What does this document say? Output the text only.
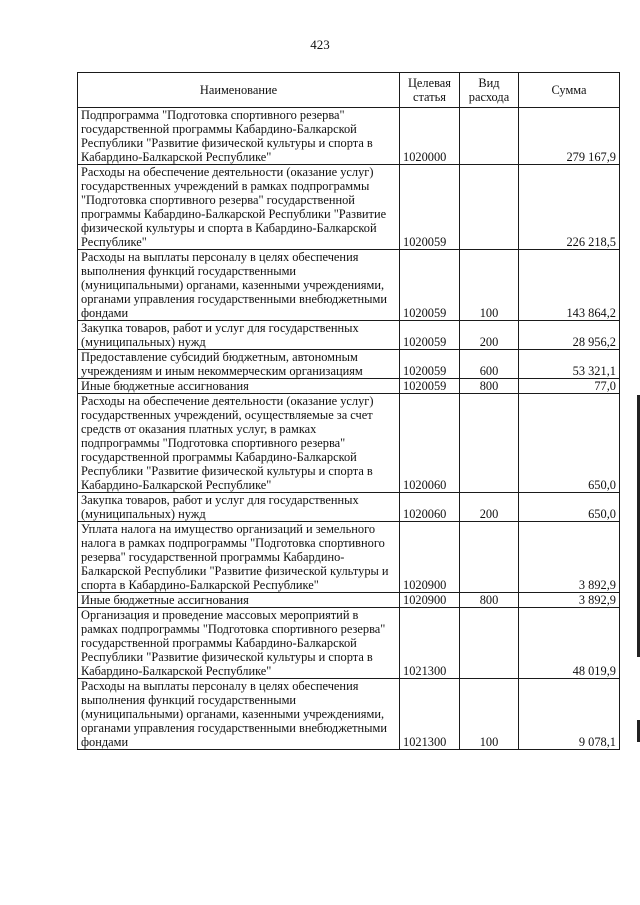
423
Наименование	Целевая статья	Вид расхода	Сумма
Подпрограмма "Подготовка спортивного резерва" государственной программы Кабардино-Балкарской Республики "Развитие физической культуры и спорта в Кабардино-Балкарской Республике"	1020000		279 167,9
Расходы на обеспечение деятельности (оказание услуг) государственных учреждений в рамках подпрограммы "Подготовка спортивного резерва" государственной программы Кабардино-Балкарской Республики "Развитие физической культуры и спорта в Кабардино-Балкарской Республике"	1020059		226 218,5
Расходы на выплаты персоналу в целях обеспечения выполнения функций государственными (муниципальными) органами, казенными учреждениями, органами управления государственными внебюджетными фондами	1020059	100	143 864,2
Закупка товаров, работ и услуг для государственных (муниципальных) нужд	1020059	200	28 956,2
Предоставление субсидий бюджетным, автономным учреждениям и иным некоммерческим организациям	1020059	600	53 321,1
Иные бюджетные ассигнования	1020059	800	77,0
Расходы на обеспечение деятельности (оказание услуг) государственных учреждений, осуществляемые за счет средств от оказания платных услуг, в рамках подпрограммы "Подготовка спортивного резерва" государственной программы Кабардино-Балкарской Республики "Развитие физической культуры и спорта в Кабардино-Балкарской Республике"	1020060		650,0
Закупка товаров, работ и услуг для государственных (муниципальных) нужд	1020060	200	650,0
Уплата налога на имущество организаций и земельного налога в рамках подпрограммы "Подготовка спортивного резерва" государственной программы Кабардино-Балкарской Республики "Развитие физической культуры и спорта в Кабардино-Балкарской Республике"	1020900		3 892,9
Иные бюджетные ассигнования	1020900	800	3 892,9
Организация и проведение массовых мероприятий в рамках подпрограммы "Подготовка спортивного резерва" государственной программы Кабардино-Балкарской Республики "Развитие физической культуры и спорта в Кабардино-Балкарской Республике"	1021300		48 019,9
Расходы на выплаты персоналу в целях обеспечения выполнения функций государственными (муниципальными) органами, казенными учреждениями, органами управления государственными внебюджетными фондами	1021300	100	9 078,1
